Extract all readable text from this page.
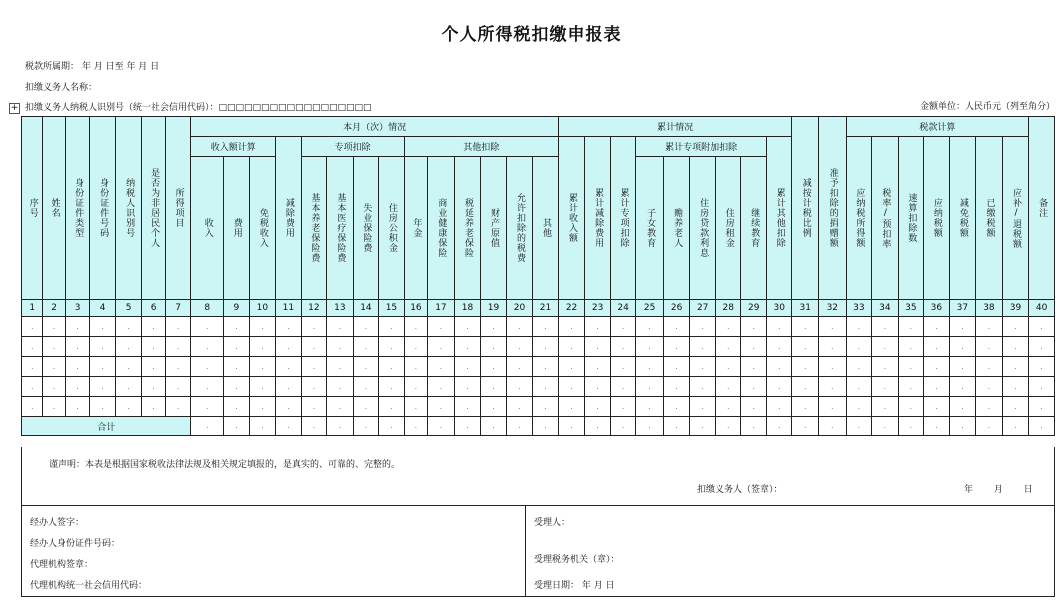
个人所得税扣缴申报表
税款所属期： 年 月 日至 年 月 日
扣缴义务人名称：
+ 扣缴义务人纳税人识别号（统一社会信用代码）：□□□□□□□□□□□□□□□□□□	金额单位：人民币元（列至角分）
序号	姓名	身份证件类型	身份证件号码	纳税人识别号	是否为非居民个人	所得项目	本月（次）情况														累计情况									减按计税比例	准予扣除的捐赠额	税款计算							备注

							收入额计算			减除费用	专项扣除				其他扣除						累计收入额	累计减除费用	累计专项扣除	累计专项附加扣除					累计其他扣除			应纳税所得额	税率/预扣率	速算扣除数	应纳税额	减免税额	已缴税额	应补/退税额	

							收入	费用	免税收入		基本养老保险费	基本医疗保险费	失业保险费	住房公积金	年金	商业健康保险	税延养老保险	财产原值	允许扣除的税费	其他				子女教育	赡养老人	住房贷款利息	住房租金	继续教育											

1	2	3	4	5	6	7	8	9	10	11	12	13	14	15	16	17	18	19	20	21	22	23	24	25	26	27	28	29	30	31	32	33	34	35	36	37	38	39	40
.	.	.	.	.	.	.	.	.	.	.	.	.	.	.	.	.	.	.	.	.	.	.	.	.	.	.	.	.	.	.	.	.	.	.	.	.	.	.	.
.	.	.	.	.	.	.	.	.	.	.	.	.	.	.	.	.	.	.	.	.	.	.	.	.	.	.	.	.	.	.	.	.	.	.	.	.	.	.	.
.	.	.	.	.	.	.	.	.	.	.	.	.	.	.	.	.	.	.	.	.	.	.	.	.	.	.	.	.	.	.	.	.	.	.	.	.	.	.	.
.	.	.	.	.	.	.	.	.	.	.	.	.	.	.	.	.	.	.	.	.	.	.	.	.	.	.	.	.	.	.	.	.	.	.	.	.	.	.	.
.	.	.	.	.	.	.	.	.	.	.	.	.	.	.	.	.	.	.	.	.	.	.	.	.	.	.	.	.	.	.	.	.	.	.	.	.	.	.	.
合计							.	.	.	.	.	.	.	.	.	.	.	.	.	.	.	.	.	.	.	.	.	.	.	.	.	.	.	.	.	.	.	.	.
谨声明：本表是根据国家税收法律法规及相关规定填报的，是真实的、可靠的、完整的。
扣缴义务人（签章）：	年 月 日
经办人签字：
经办人身份证件号码：
代理机构签章：
代理机构统一社会信用代码：
受理人：
受理税务机关（章）：
受理日期： 年 月 日
